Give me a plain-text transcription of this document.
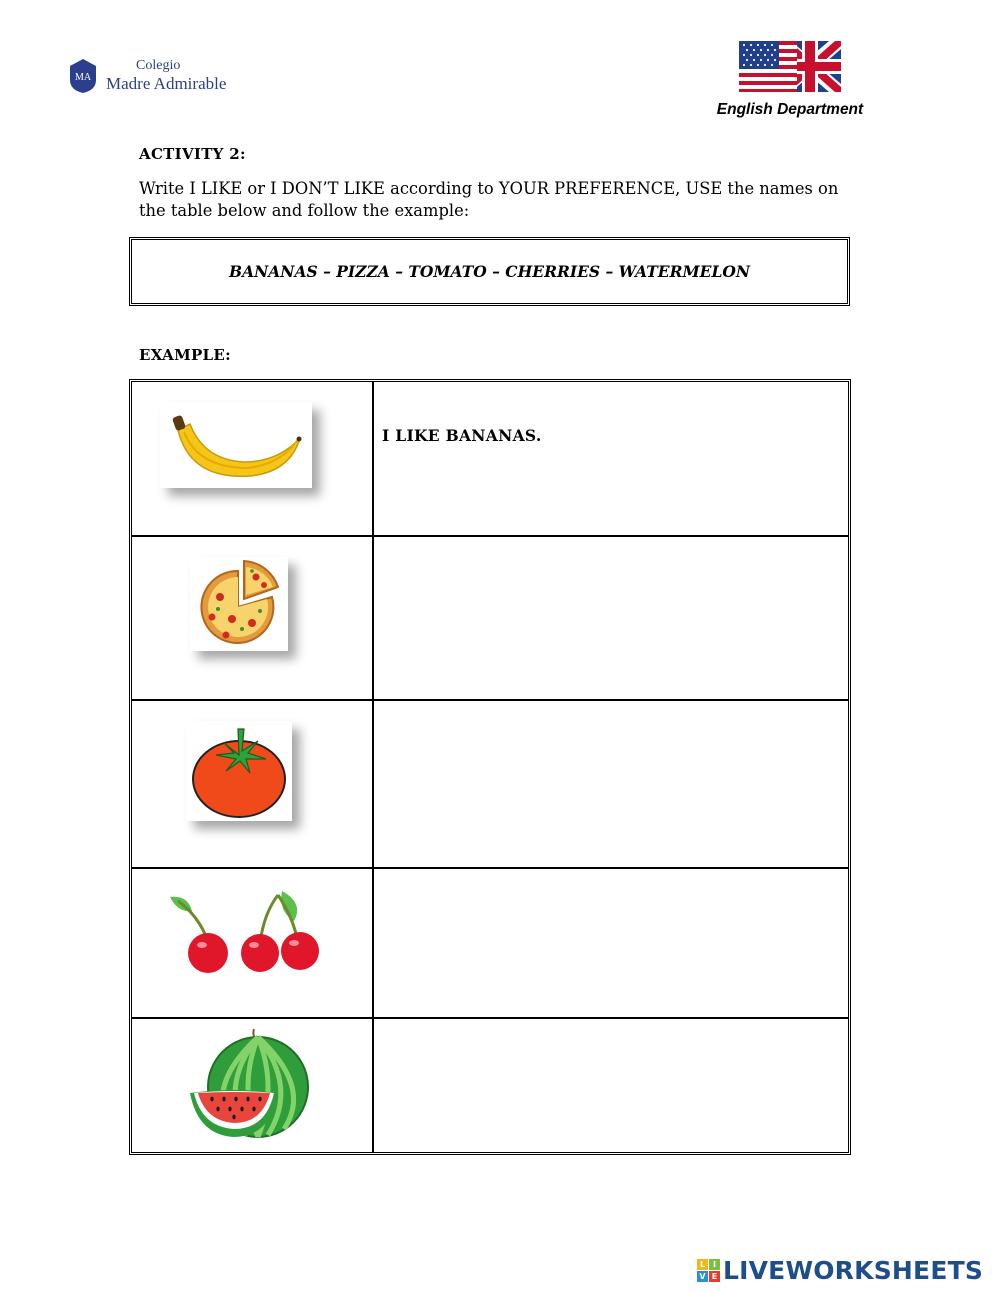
MA
Colegio
Madre Admirable
English Department
ACTIVITY 2:
Write I LIKE or I DON’T LIKE according to YOUR PREFERENCE, USE the names on the table below and follow the example:
BANANAS – PIZZA – TOMATO – CHERRIES – WATERMELON
EXAMPLE:
I LIKE BANANAS.
L I
V E LIVEWORKSHEETS
